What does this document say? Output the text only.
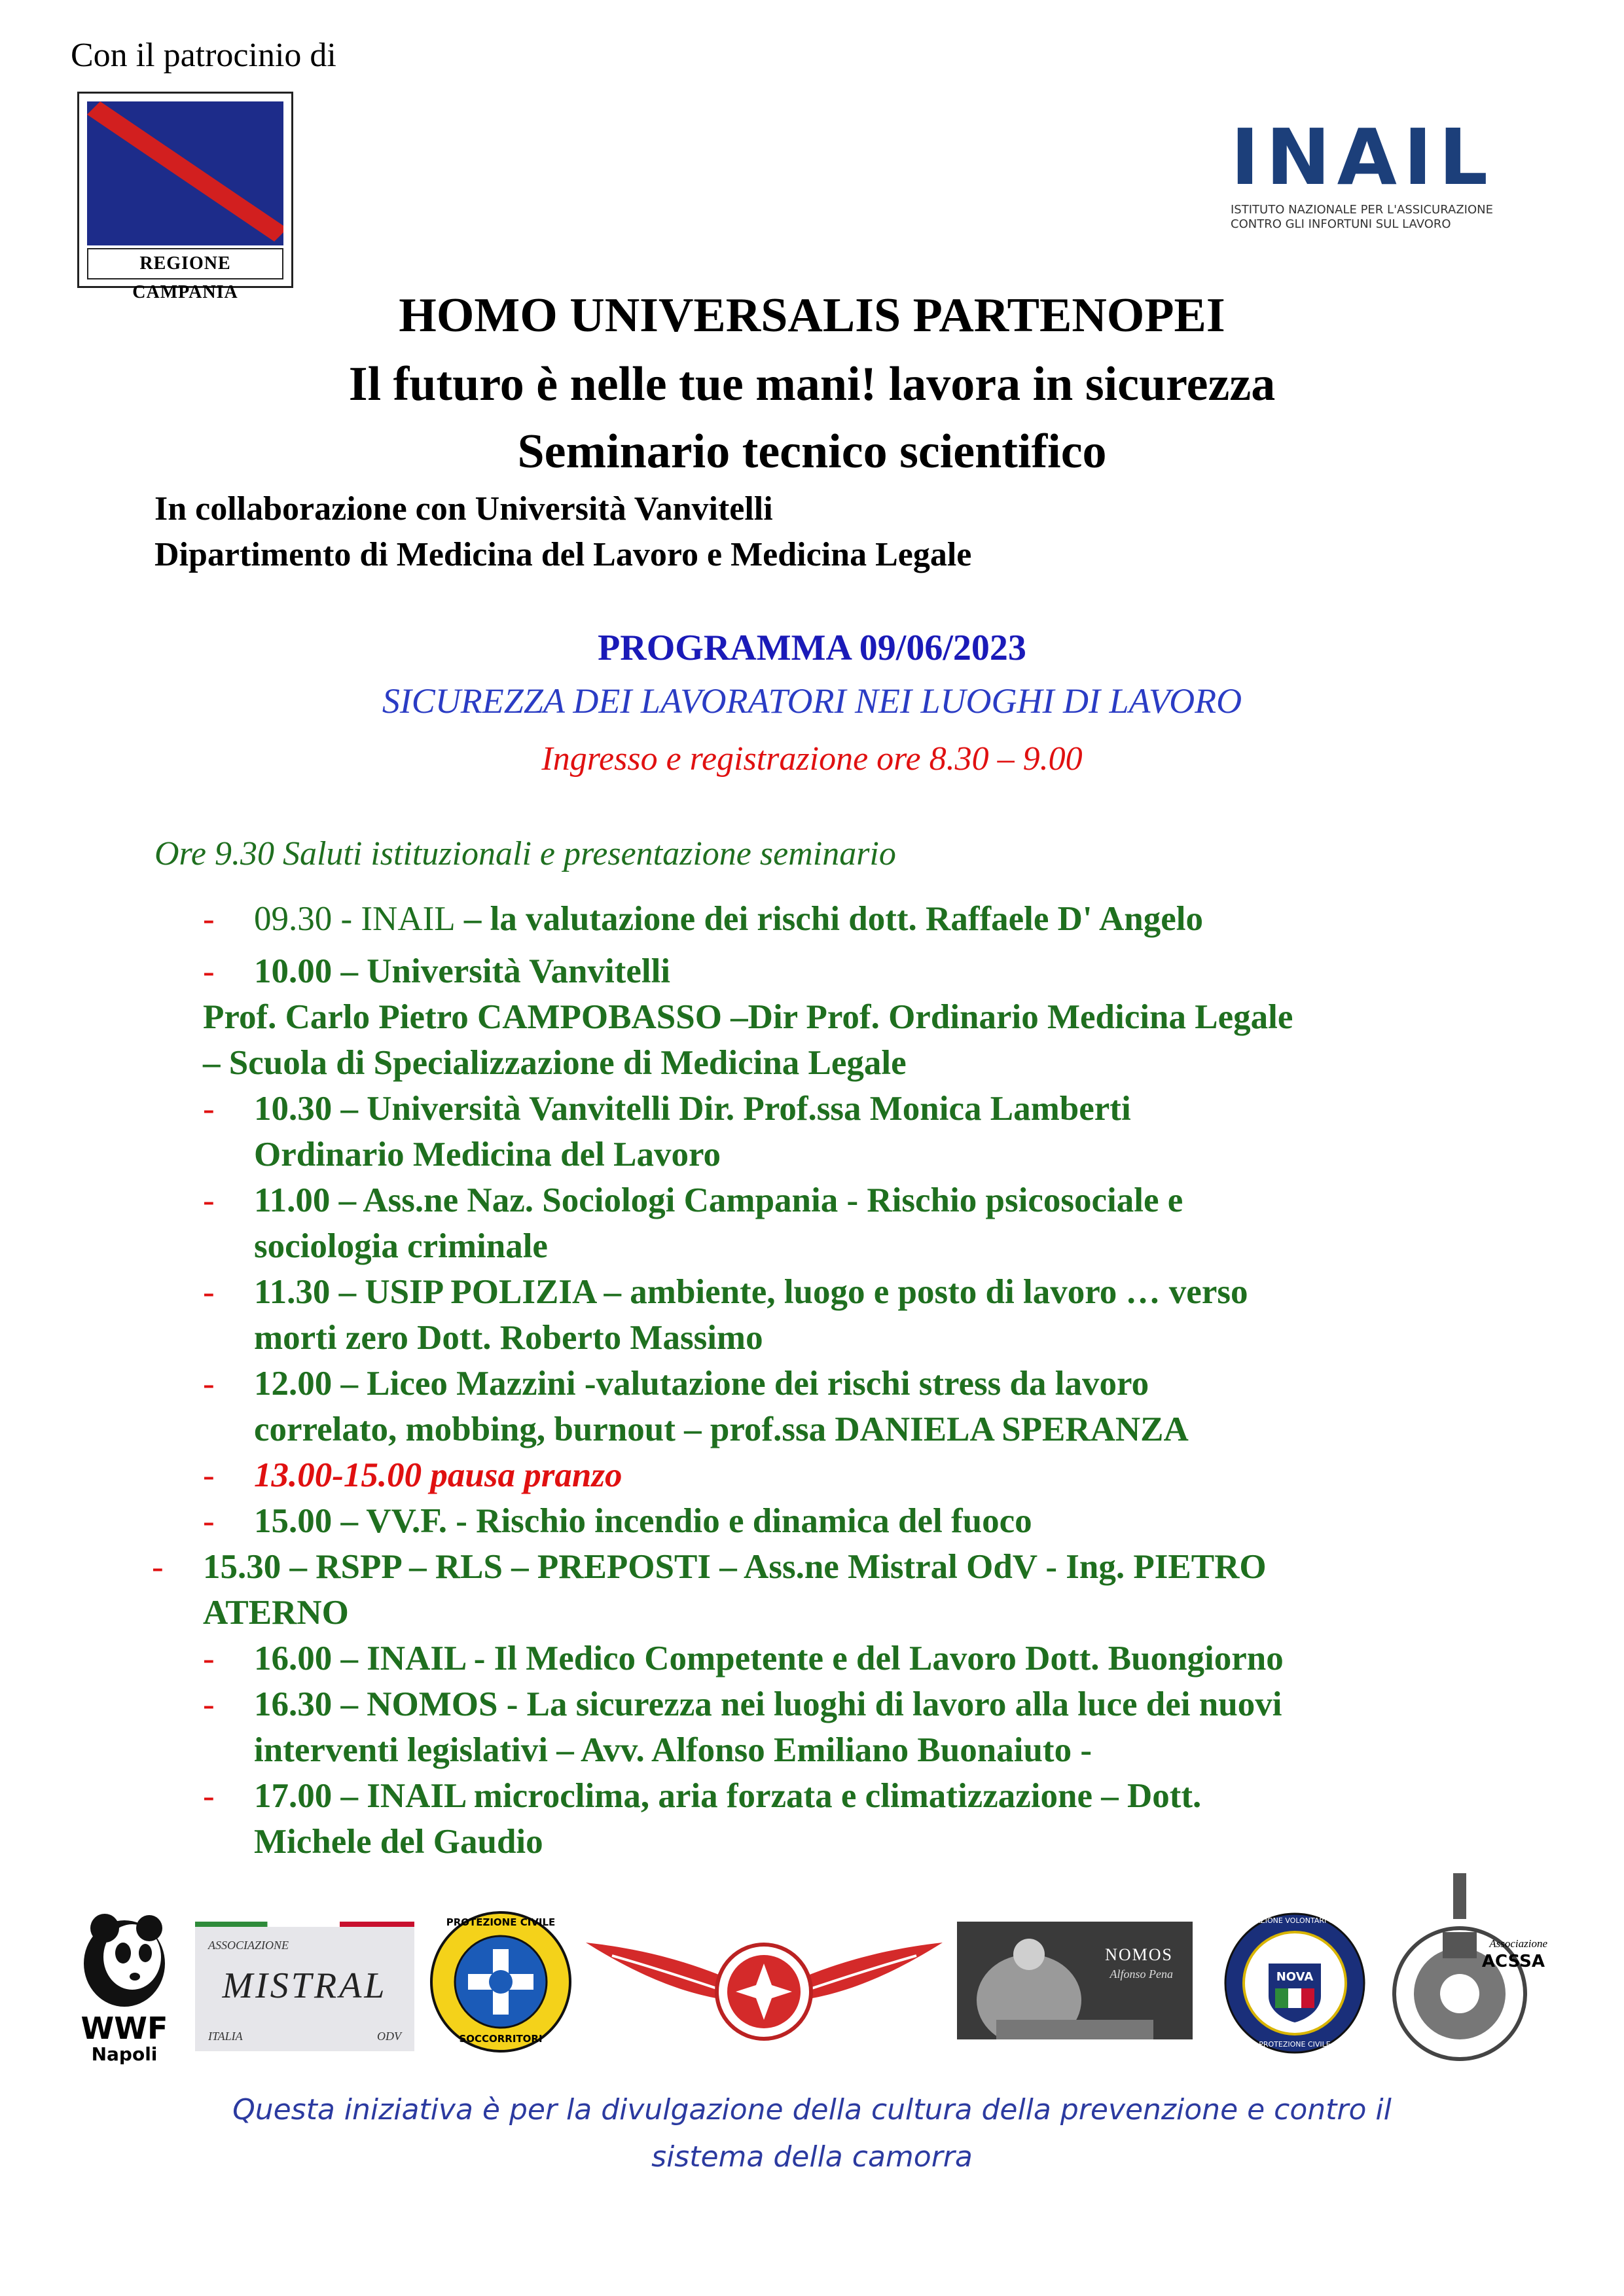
Con il patrocinio di
REGIONE CAMPANIA
INAIL
ISTITUTO NAZIONALE PER L'ASSICURAZIONE
CONTRO GLI INFORTUNI SUL LAVORO
HOMO UNIVERSALIS PARTENOPEI
Il futuro è nelle tue mani! lavora in sicurezza
Seminario tecnico scientifico
In collaborazione con Università Vanvitelli
Dipartimento di Medicina del Lavoro e Medicina Legale
PROGRAMMA 09/06/2023
SICUREZZA DEI LAVORATORI NEI LUOGHI DI LAVORO
Ingresso e registrazione ore 8.30 – 9.00
Ore 9.30 Saluti istituzionali e presentazione seminario
- 09.30 - INAIL – la valutazione dei rischi dott. Raffaele D' Angelo
- 10.00 – Università Vanvitelli
Prof. Carlo Pietro CAMPOBASSO –Dir Prof. Ordinario Medicina Legale
– Scuola di Specializzazione di Medicina Legale
- 10.30 – Università Vanvitelli Dir. Prof.ssa Monica Lamberti
Ordinario Medicina del Lavoro
- 11.00 – Ass.ne Naz. Sociologi Campania - Rischio psicosociale e
sociologia criminale
- 11.30 – USIP POLIZIA – ambiente, luogo e posto di lavoro … verso
morti zero Dott. Roberto Massimo
- 12.00 – Liceo Mazzini -valutazione dei rischi stress da lavoro
correlato, mobbing, burnout – prof.ssa DANIELA SPERANZA
- 13.00-15.00 pausa pranzo
- 15.00 – VV.F. - Rischio incendio e dinamica del fuoco
- 15.30 – RSPP – RLS – PREPOSTI – Ass.ne Mistral OdV - Ing. PIETRO
ATERNO
- 16.00 – INAIL - Il Medico Competente e del Lavoro Dott. Buongiorno
- 16.30 – NOMOS - La sicurezza nei luoghi di lavoro alla luce dei nuovi
interventi legislativi – Avv. Alfonso Emiliano Buonaiuto -
- 17.00 – INAIL microclima, aria forzata e climatizzazione – Dott.
Michele del Gaudio
WWF
Napoli
ASSOCIAZIONE
MISTRAL
ITALIA	ODV
PROTEZIONE CIVILE
SOCCORRITORI
NOMOS
Alfonso Pena	NOVA
ASSOCIAZIONE VOLONTARI CAMPANI
PROTEZIONE CIVILE
Associazione
ACSSA
Questa iniziativa è per la divulgazione della cultura della prevenzione e contro il
sistema della camorra
